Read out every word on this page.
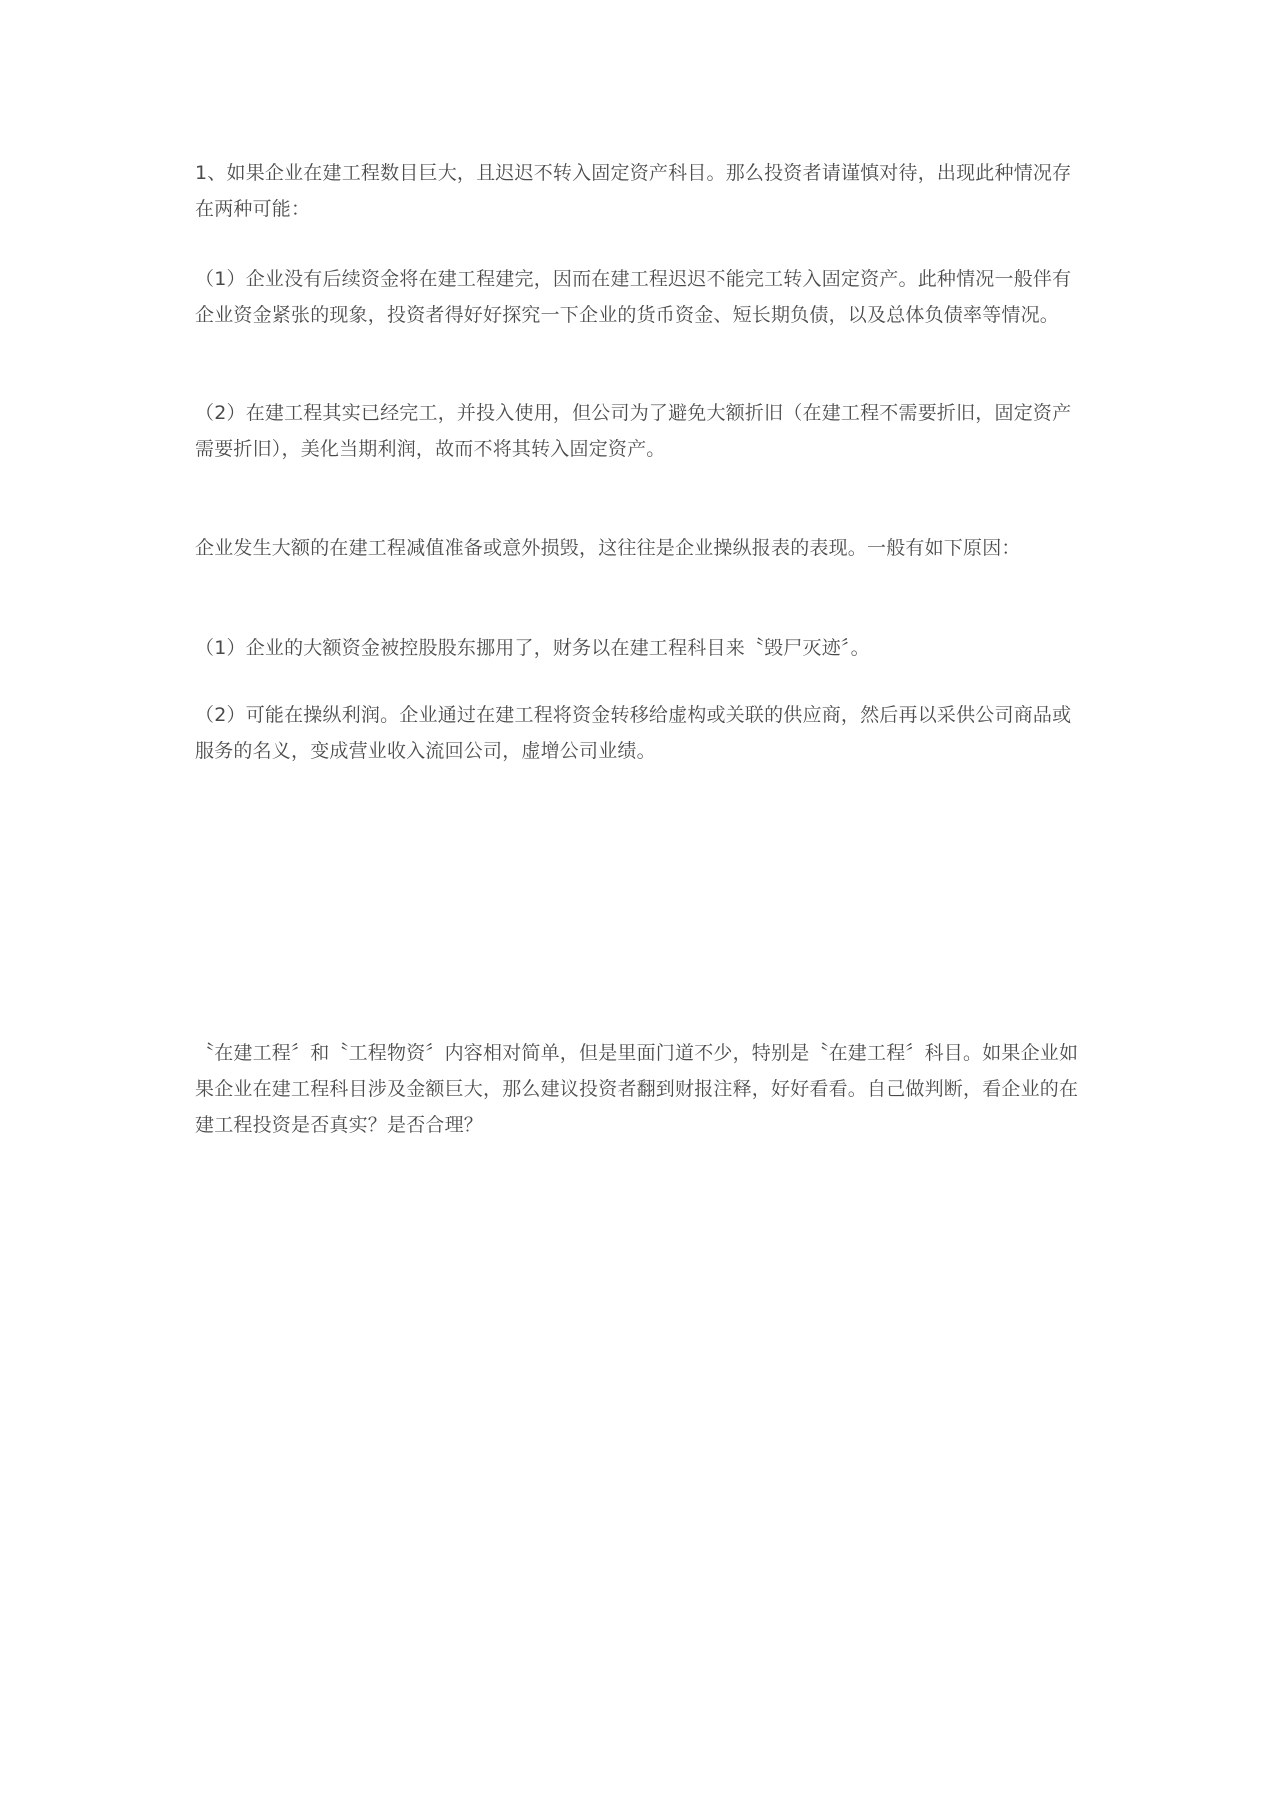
1、如果企业在建工程数目巨大，且迟迟不转入固定资产科目。那么投资者请谨慎对待，出现此种情况存在两种可能：

（1）企业没有后续资金将在建工程建完，因而在建工程迟迟不能完工转入固定资产。此种情况一般伴有企业资金紧张的现象，投资者得好好探究一下企业的货币资金、短长期负债，以及总体负债率等情况。

（2）在建工程其实已经完工，并投入使用，但公司为了避免大额折旧（在建工程不需要折旧，固定资产需要折旧），美化当期利润，故而不将其转入固定资产。

企业发生大额的在建工程减值准备或意外损毁，这往往是企业操纵报表的表现。一般有如下原因：

（1）企业的大额资金被控股股东挪用了，财务以在建工程科目来〝毁尸灭迹〞。

（2）可能在操纵利润。企业通过在建工程将资金转移给虚构或关联的供应商，然后再以采供公司商品或服务的名义，变成营业收入流回公司，虚增公司业绩。

〝在建工程〞和〝工程物资〞内容相对简单，但是里面门道不少，特别是〝在建工程〞科目。如果企业如果企业在建工程科目涉及金额巨大，那么建议投资者翻到财报注释，好好看看。自己做判断，看企业的在建工程投资是否真实？是否合理？
